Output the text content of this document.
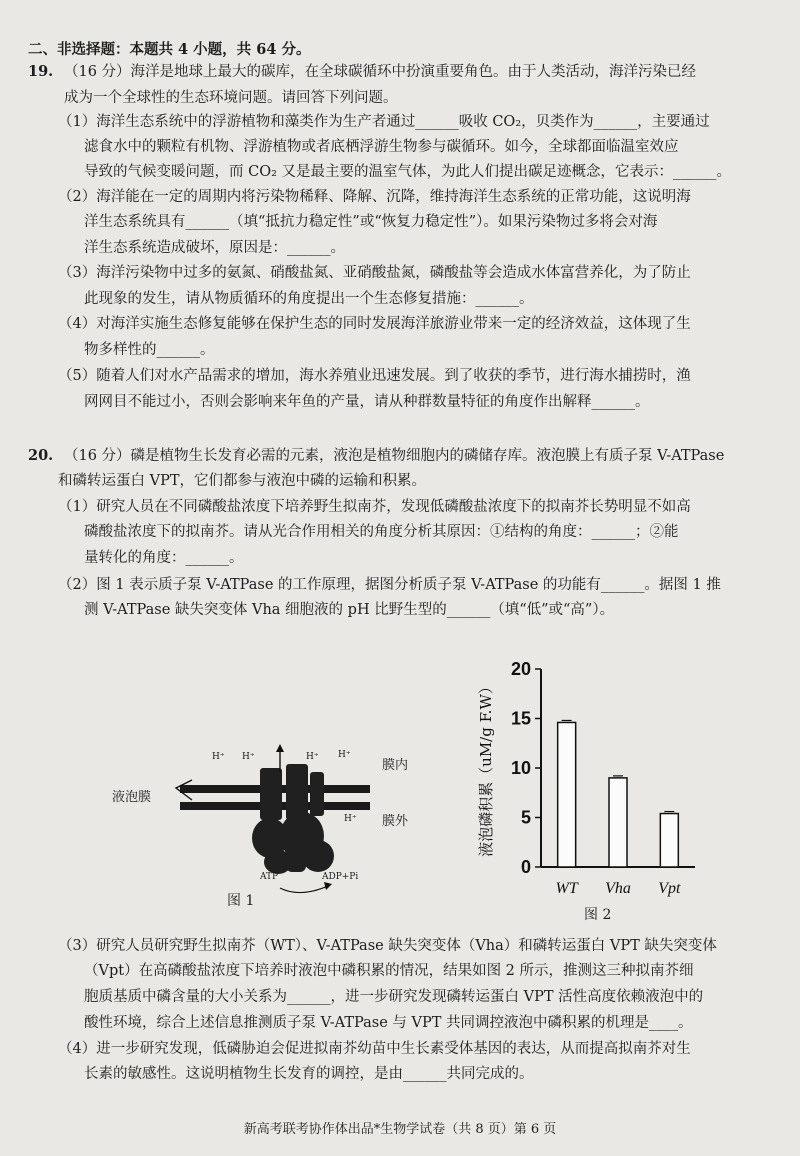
二、非选择题：本题共 4 小题，共 64 分。
19. （16 分）海洋是地球上最大的碳库，在全球碳循环中扮演重要角色。由于人类活动，海洋污染已经
成为一个全球性的生态环境问题。请回答下列问题。
（1）海洋生态系统中的浮游植物和藻类作为生产者通过______吸收 CO₂，贝类作为______，主要通过
滤食水中的颗粒有机物、浮游植物或者底栖浮游生物参与碳循环。如今，全球都面临温室效应
导致的气候变暖问题，而 CO₂ 又是最主要的温室气体，为此人们提出碳足迹概念，它表示：______。
（2）海洋能在一定的周期内将污染物稀释、降解、沉降，维持海洋生态系统的正常功能，这说明海
洋生态系统具有______（填“抵抗力稳定性”或“恢复力稳定性”）。如果污染物过多将会对海
洋生态系统造成破坏，原因是：______。
（3）海洋污染物中过多的氨氮、硝酸盐氮、亚硝酸盐氮，磷酸盐等会造成水体富营养化，为了防止
此现象的发生，请从物质循环的角度提出一个生态修复措施：______。
（4）对海洋实施生态修复能够在保护生态的同时发展海洋旅游业带来一定的经济效益，这体现了生
物多样性的______。
（5）随着人们对水产品需求的增加，海水养殖业迅速发展。到了收获的季节，进行海水捕捞时，渔
网网目不能过小，否则会影响来年鱼的产量，请从种群数量特征的角度作出解释______。
20. （16 分）磷是植物生长发育必需的元素，液泡是植物细胞内的磷储存库。液泡膜上有质子泵 V-ATPase
和磷转运蛋白 VPT，它们都参与液泡中磷的运输和积累。
（1）研究人员在不同磷酸盐浓度下培养野生拟南芥，发现低磷酸盐浓度下的拟南芥长势明显不如高
磷酸盐浓度下的拟南芥。请从光合作用相关的角度分析其原因：①结构的角度：______；②能
量转化的角度：______。
（2）图 1 表示质子泵 V-ATPase 的工作原理，据图分析质子泵 V-ATPase 的功能有______。据图 1 推
测 V-ATPase 缺失突变体 Vha 细胞液的 pH 比野生型的______（填“低”或“高”）。
液泡膜
膜内
膜外
H⁺ H⁺	H⁺ H⁺
H⁺
ATP	ADP+Pi
图 1
0
5
10
15
20
液泡磷积累（uM/g F.W）
WT Vha Vpt
图 2
（3）研究人员研究野生拟南芥（WT）、V-ATPase 缺失突变体（Vha）和磷转运蛋白 VPT 缺失突变体
（Vpt）在高磷酸盐浓度下培养时液泡中磷积累的情况，结果如图 2 所示，推测这三种拟南芥细
胞质基质中磷含量的大小关系为______，进一步研究发现磷转运蛋白 VPT 活性高度依赖液泡中的
酸性环境，综合上述信息推测质子泵 V-ATPase 与 VPT 共同调控液泡中磷积累的机理是____。
（4）进一步研究发现，低磷胁迫会促进拟南芥幼苗中生长素受体基因的表达，从而提高拟南芥对生
长素的敏感性。这说明植物生长发育的调控，是由______共同完成的。
新高考联考协作体出品*生物学试卷（共 8 页）第 6 页
